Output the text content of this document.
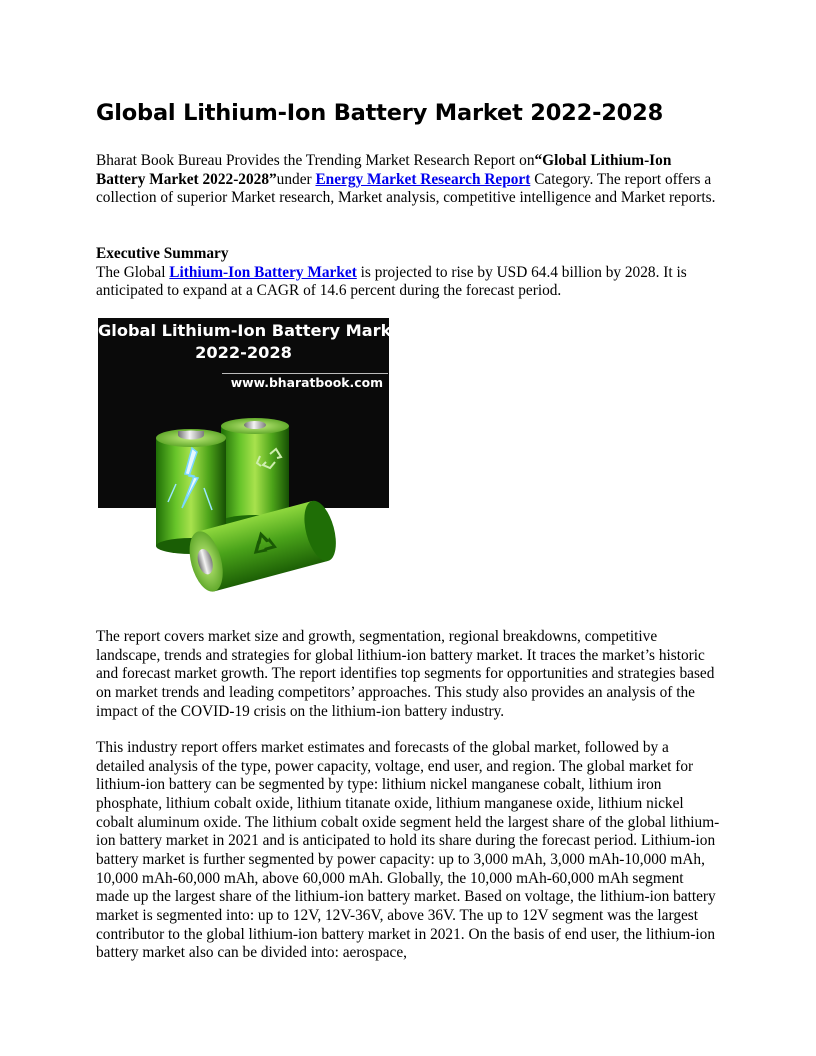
Global Lithium-Ion Battery Market 2022-2028

Bharat Book Bureau Provides the Trending Market Research Report on“Global Lithium-Ion Battery Market 2022-2028”under Energy Market Research Report Category. The report offers a collection of superior Market research, Market analysis, competitive intelligence and Market reports.

Executive Summary
The Global Lithium-Ion Battery Market is projected to rise by USD 64.4 billion by 2028. It is anticipated to expand at a CAGR of 14.6 percent during the forecast period.

Global Lithium-Ion Battery Market
2022-2028
www.bharatbook.com

The report covers market size and growth, segmentation, regional breakdowns, competitive landscape, trends and strategies for global lithium-ion battery market. It traces the market’s historic and forecast market growth. The report identifies top segments for opportunities and strategies based on market trends and leading competitors’ approaches. This study also provides an analysis of the impact of the COVID-19 crisis on the lithium-ion battery industry.

This industry report offers market estimates and forecasts of the global market, followed by a detailed analysis of the type, power capacity, voltage, end user, and region. The global market for lithium-ion battery can be segmented by type: lithium nickel manganese cobalt, lithium iron phosphate, lithium cobalt oxide, lithium titanate oxide, lithium manganese oxide, lithium nickel cobalt aluminum oxide. The lithium cobalt oxide segment held the largest share of the global lithium-ion battery market in 2021 and is anticipated to hold its share during the forecast period. Lithium-ion battery market is further segmented by power capacity: up to 3,000 mAh, 3,000 mAh-10,000 mAh, 10,000 mAh-60,000 mAh, above 60,000 mAh. Globally, the 10,000 mAh-60,000 mAh segment made up the largest share of the lithium-ion battery market. Based on voltage, the lithium-ion battery market is segmented into: up to 12V, 12V-36V, above 36V. The up to 12V segment was the largest contributor to the global lithium-ion battery market in 2021. On the basis of end user, the lithium-ion battery market also can be divided into: aerospace,
